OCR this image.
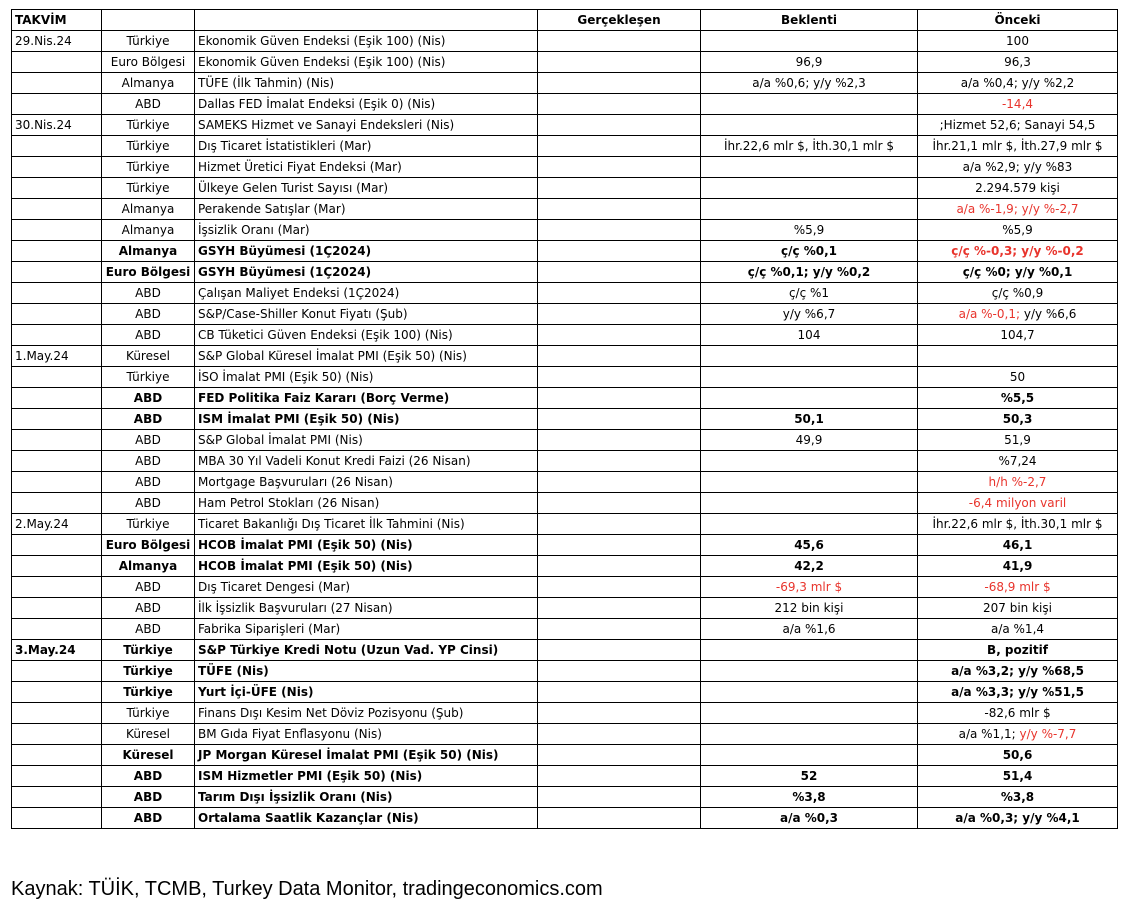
TAKVİM			Gerçekleşen	Beklenti	Önceki
29.Nis.24	Türkiye	Ekonomik Güven Endeksi (Eşik 100) (Nis)			100
	Euro Bölgesi	Ekonomik Güven Endeksi (Eşik 100) (Nis)		96,9	96,3
	Almanya	TÜFE (İlk Tahmin) (Nis)		a/a %0,6; y/y %2,3	a/a %0,4; y/y %2,2
	ABD	Dallas FED İmalat Endeksi (Eşik 0) (Nis)			-14,4
30.Nis.24	Türkiye	SAMEKS Hizmet ve Sanayi Endeksleri (Nis)			;Hizmet 52,6; Sanayi 54,5
	Türkiye	Dış Ticaret İstatistikleri (Mar)		İhr.22,6 mlr $, İth.30,1 mlr $	İhr.21,1 mlr $, İth.27,9 mlr $
	Türkiye	Hizmet Üretici Fiyat Endeksi (Mar)			a/a %2,9; y/y %83
	Türkiye	Ülkeye Gelen Turist Sayısı (Mar)			2.294.579 kişi
	Almanya	Perakende Satışlar (Mar)			a/a %-1,9; y/y %-2,7
	Almanya	İşsizlik Oranı (Mar)		%5,9	%5,9
	Almanya	GSYH Büyümesi (1Ç2024)		ç/ç %0,1	ç/ç %-0,3; y/y %-0,2
	Euro Bölgesi	GSYH Büyümesi (1Ç2024)		ç/ç %0,1; y/y %0,2	ç/ç %0; y/y %0,1
	ABD	Çalışan Maliyet Endeksi (1Ç2024)		ç/ç %1	ç/ç %0,9
	ABD	S&P/Case-Shiller Konut Fiyatı (Şub)		y/y %6,7	a/a %-0,1; y/y %6,6
	ABD	CB Tüketici Güven Endeksi (Eşik 100) (Nis)		104	104,7
1.May.24	Küresel	S&P Global Küresel İmalat PMI (Eşik 50) (Nis)			
	Türkiye	İSO İmalat PMI (Eşik 50) (Nis)			50
	ABD	FED Politika Faiz Kararı (Borç Verme)			%5,5
	ABD	ISM İmalat PMI (Eşik 50) (Nis)		50,1	50,3
	ABD	S&P Global İmalat PMI (Nis)		49,9	51,9
	ABD	MBA 30 Yıl Vadeli Konut Kredi Faizi (26 Nisan)			%7,24
	ABD	Mortgage Başvuruları (26 Nisan)			h/h %-2,7
	ABD	Ham Petrol Stokları (26 Nisan)			-6,4 milyon varil
2.May.24	Türkiye	Ticaret Bakanlığı Dış Ticaret İlk Tahmini (Nis)			İhr.22,6 mlr $, İth.30,1 mlr $
	Euro Bölgesi	HCOB İmalat PMI (Eşik 50) (Nis)		45,6	46,1
	Almanya	HCOB İmalat PMI (Eşik 50) (Nis)		42,2	41,9
	ABD	Dış Ticaret Dengesi (Mar)		-69,3 mlr $	-68,9 mlr $
	ABD	İlk İşsizlik Başvuruları (27 Nisan)		212 bin kişi	207 bin kişi
	ABD	Fabrika Siparişleri (Mar)		a/a %1,6	a/a %1,4
3.May.24	Türkiye	S&P Türkiye Kredi Notu (Uzun Vad. YP Cinsi)			B, pozitif
	Türkiye	TÜFE (Nis)			a/a %3,2; y/y %68,5
	Türkiye	Yurt İçi-ÜFE (Nis)			a/a %3,3; y/y %51,5
	Türkiye	Finans Dışı Kesim Net Döviz Pozisyonu (Şub)			-82,6 mlr $
	Küresel	BM Gıda Fiyat Enflasyonu (Nis)			a/a %1,1; y/y %-7,7
	Küresel	JP Morgan Küresel İmalat PMI (Eşik 50) (Nis)			50,6
	ABD	ISM Hizmetler PMI (Eşik 50) (Nis)		52	51,4
	ABD	Tarım Dışı İşsizlik Oranı (Nis)		%3,8	%3,8
	ABD	Ortalama Saatlik Kazançlar (Nis)		a/a %0,3	a/a %0,3; y/y %4,1
Kaynak: TÜİK, TCMB, Turkey Data Monitor, tradingeconomics.com
